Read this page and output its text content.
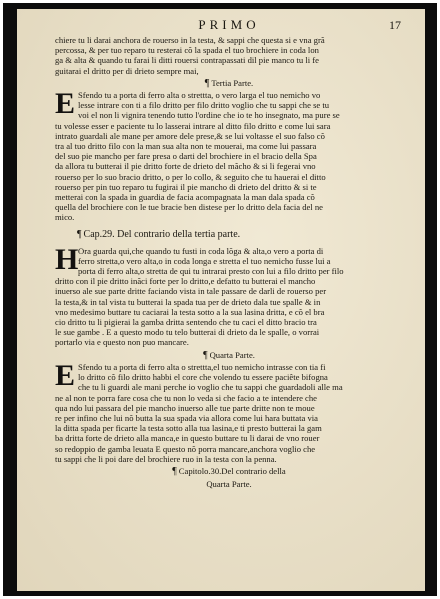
PRIMO	17
chiere tu li darai anchora de rouerso in la testa, & sappi che questa si e vna grã
percossa, & per tuo reparo tu resterai cõ la spada el tuo brochiere in coda lon
ga & alta & quando tu farai li ditti rouersi contrapassati dil pie manco tu li fe
guitarai el dritto per di drieto sempre mai,
¶ Tertia Parte.
E Sfendo tu a porta di ferro alta o strettta, o vero larga el tuo nemicho vo
lesse intrare con ti a filo dritto per filo dritto voglio che tu sappi che se tu
voi el non li vignira tenendo tutto l'ordine che io te ho insegnato, ma pure se
tu volesse esser e paciente tu lo lasserai intrare al ditto filo dritto e come lui sara
intrato guardali ale mane per amore dele prese,& se lui voltasse el suo falso cõ
tra al tuo dritto filo con la man sua alta non te mouerai, ma come lui passara
del suo pie mancho per fare presa o darti del brochiere in el bracio della Spa
da allora tu butterai il pie dritto forte de drieto del mãcho & si li fegerai vno
rouerso per lo suo bracio dritto, o per lo collo, & seguito che tu hauerai el ditto
rouerso per pin tuo reparo tu fugirai il pie mancho di drieto del dritto & si te
metterai con la spada in guardia de facia acompagnata la man dala spada cõ
quella del brochiere con le tue bracie ben distese per lo dritto dela facia del ne
mico.
¶ Cap.29. Del contrario della tertia parte.
H Ora guarda qui,che quando tu fusti in coda lõga & alta,o vero a porta di
ferro stretta,o vero alta,o in coda longa e stretta el tuo nemicho fusse lui a
porta di ferro alta,o stretta de qui tu intrarai presto con lui a filo dritto per filo
dritto con il pie dritto inãci forte per lo dritto,e defatto tu butterai el mancho
inuerso ale sue parte dritte faciando vista in tale passare de darli de rouerso per
la testa,& in tal vista tu butterai la spada tua per de drieto dala tue spalle & in
vno medesimo buttare tu caciarai la testa sotto a la sua lasina dritta, e cõ el bra
cio dritto tu li pigierai la gamba dritta sentendo che tu caci el ditto bracio tra
le sue gambe . E a questo modo tu telo butterai di drieto da le spalle, o vorrai
portarlo via e questo non puo mancare.
¶ Quarta Parte.
E Sfendo tu a porta di ferro alta o strettta,el tuo nemicho intrasse con tia fi
lo dritto cõ filo dritto habbi el core che volendo tu essere paciête bifogna
che tu li guardi ale mani perche io voglio che tu sappi che guardadoli alle ma
ne al non te porra fare cosa che tu non lo veda si che facio a te intendere che
qua ndo lui passara del pie mancho inuerso alle tue parte dritte non te moue
re per infino che lui nõ butta la sua spada via allora come lui hara buttata via
la ditta spada per ficarte la testa sotto alla tua lasina,e ti presto butterai la gam
ba dritta forte de drieto alla manca,e in questo buttare tu li darai de vno rouer
so redoppio de gamba leuata E questo nõ porra mancare,anchora voglio che
tu sappi che li poi dare del brochiere ruo in la testa con la penna.
¶ Capitolo.30.Del contrario della
Quarta Parte.
